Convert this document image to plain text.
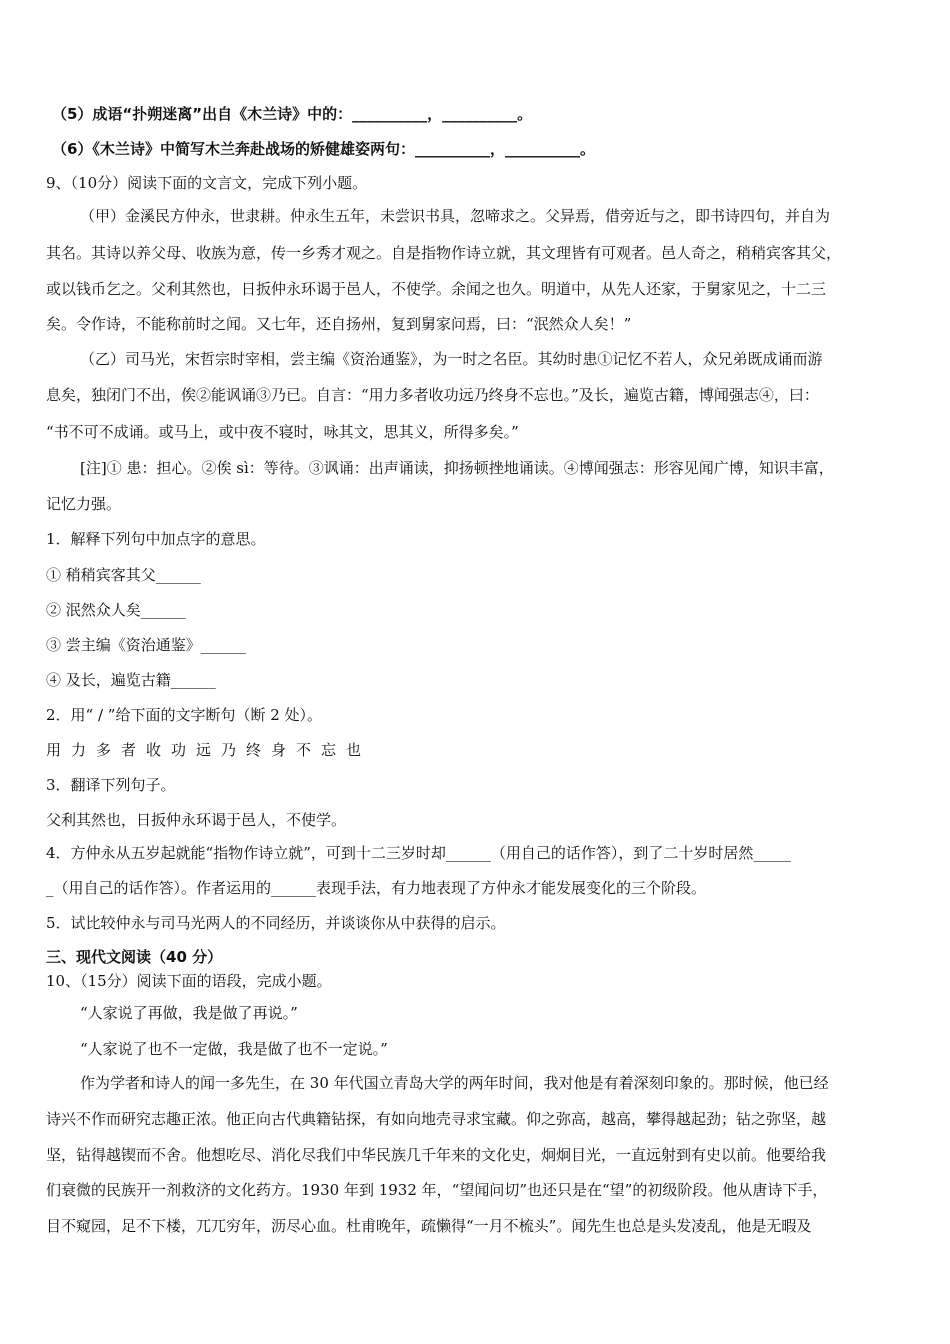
（5）成语“扑朔迷离”出自《木兰诗》中的：__________，__________。
（6）《木兰诗》中简写木兰奔赴战场的矫健雄姿两句：__________，__________。
9、（10分）阅读下面的文言文，完成下列小题。
（甲）金溪民方仲永，世隶耕。仲永生五年，未尝识书具，忽啼求之。父异焉，借旁近与之，即书诗四句，并自为
其名。其诗以养父母、收族为意，传一乡秀才观之。自是指物作诗立就，其文理皆有可观者。邑人奇之，稍稍宾客其父，
或以钱币乞之。父利其然也，日扳仲永环谒于邑人，不使学。余闻之也久。明道中，从先人还家，于舅家见之，十二三
矣。令作诗，不能称前时之闻。又七年，还自扬州，复到舅家问焉，曰：“泯然众人矣！”
（乙）司马光，宋哲宗时宰相，尝主编《资治通鉴》，为一时之名臣。其幼时患①记忆不若人，众兄弟既成诵而游
息矣，独闭门不出，俟②能讽诵③乃已。自言：“用力多者收功远乃终身不忘也。”及长，遍览古籍，博闻强志④，曰：
“书不可不成诵。或马上，或中夜不寝时，咏其文，思其义，所得多矣。”
[注]① 患：担心。②俟 sì：等待。③讽诵：出声诵读，抑扬顿挫地诵读。④博闻强志：形容见闻广博，知识丰富，
记忆力强。
1．解释下列句中加点字的意思。
① 稍稍宾客其父______
② 泯然众人矣______
③ 尝主编《资治通鉴》______
④ 及长，遍览古籍______
2．用“ / ”给下面的文字断句（断 2 处）。
用力多者收功远乃终身不忘也
3．翻译下列句子。
父利其然也，日扳仲永环谒于邑人，不使学。
4．方仲永从五岁起就能“指物作诗立就”，可到十二三岁时却______（用自己的话作答），到了二十岁时居然_____
_（用自己的话作答）。作者运用的______表现手法，有力地表现了方仲永才能发展变化的三个阶段。
5．试比较仲永与司马光两人的不同经历，并谈谈你从中获得的启示。
三、现代文阅读（40 分）
10、（15分）阅读下面的语段，完成小题。
“人家说了再做，我是做了再说。”
“人家说了也不一定做，我是做了也不一定说。”
作为学者和诗人的闻一多先生，在 30 年代国立青岛大学的两年时间，我对他是有着深刻印象的。那时候，他已经
诗兴不作而研究志趣正浓。他正向古代典籍钻探，有如向地壳寻求宝藏。仰之弥高，越高，攀得越起劲；钻之弥坚，越
坚，钻得越锲而不舍。他想吃尽、消化尽我们中华民族几千年来的文化史，炯炯目光，一直远射到有史以前。他要给我
们衰微的民族开一剂救济的文化药方。1930 年到 1932 年，“望闻问切”也还只是在“望”的初级阶段。他从唐诗下手，
目不窥园，足不下楼，兀兀穷年，沥尽心血。杜甫晚年，疏懒得“一月不梳头”。闻先生也总是头发凌乱，他是无暇及
